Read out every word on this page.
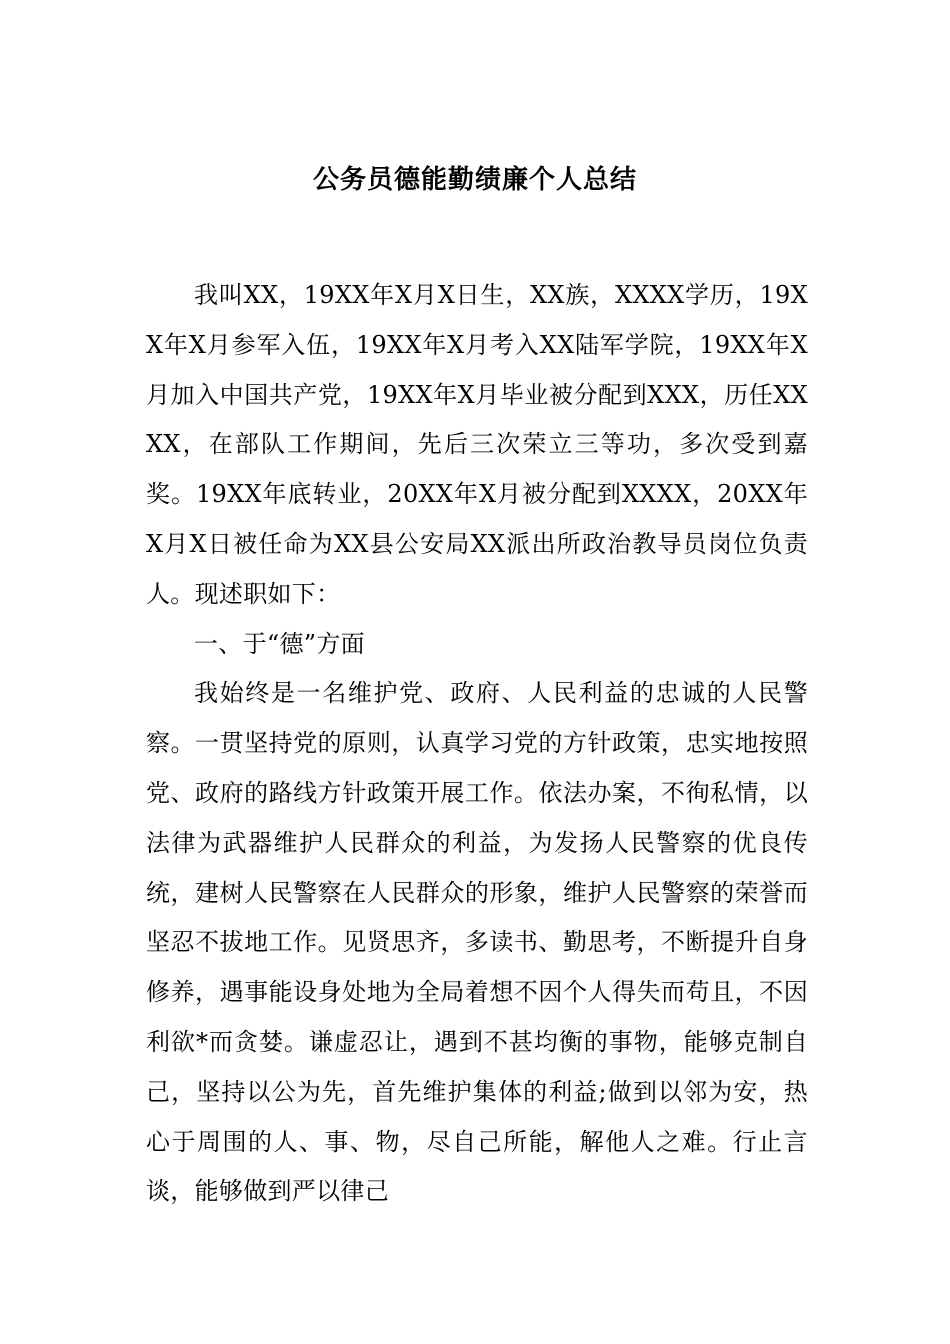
公务员德能勤绩廉个人总结

我叫XX，19XX年X月X日生，XX族，XXXX学历，19XX年X月参军入伍，19XX年X月考入XX陆军学院，19XX年X月加入中国共产党，19XX年X月毕业被分配到XXX，历任XXXX，在部队工作期间，先后三次荣立三等功，多次受到嘉奖。19XX年底转业，20XX年X月被分配到XXXX，20XX年X月X日被任命为XX县公安局XX派出所政治教导员岗位负责人。现述职如下：

一、于“德”方面

我始终是一名维护党、政府、人民利益的忠诚的人民警察。一贯坚持党的原则，认真学习党的方针政策，忠实地按照党、政府的路线方针政策开展工作。依法办案，不徇私情，以法律为武器维护人民群众的利益，为发扬人民警察的优良传统，建树人民警察在人民群众的形象，维护人民警察的荣誉而坚忍不拔地工作。见贤思齐，多读书、勤思考，不断提升自身修养，遇事能设身处地为全局着想不因个人得失而苟且，不因利欲*而贪婪。谦虚忍让，遇到不甚均衡的事物，能够克制自己，坚持以公为先，首先维护集体的利益;做到以邻为安，热心于周围的人、事、物，尽自己所能，解他人之难。行止言谈，能够做到严以律己
